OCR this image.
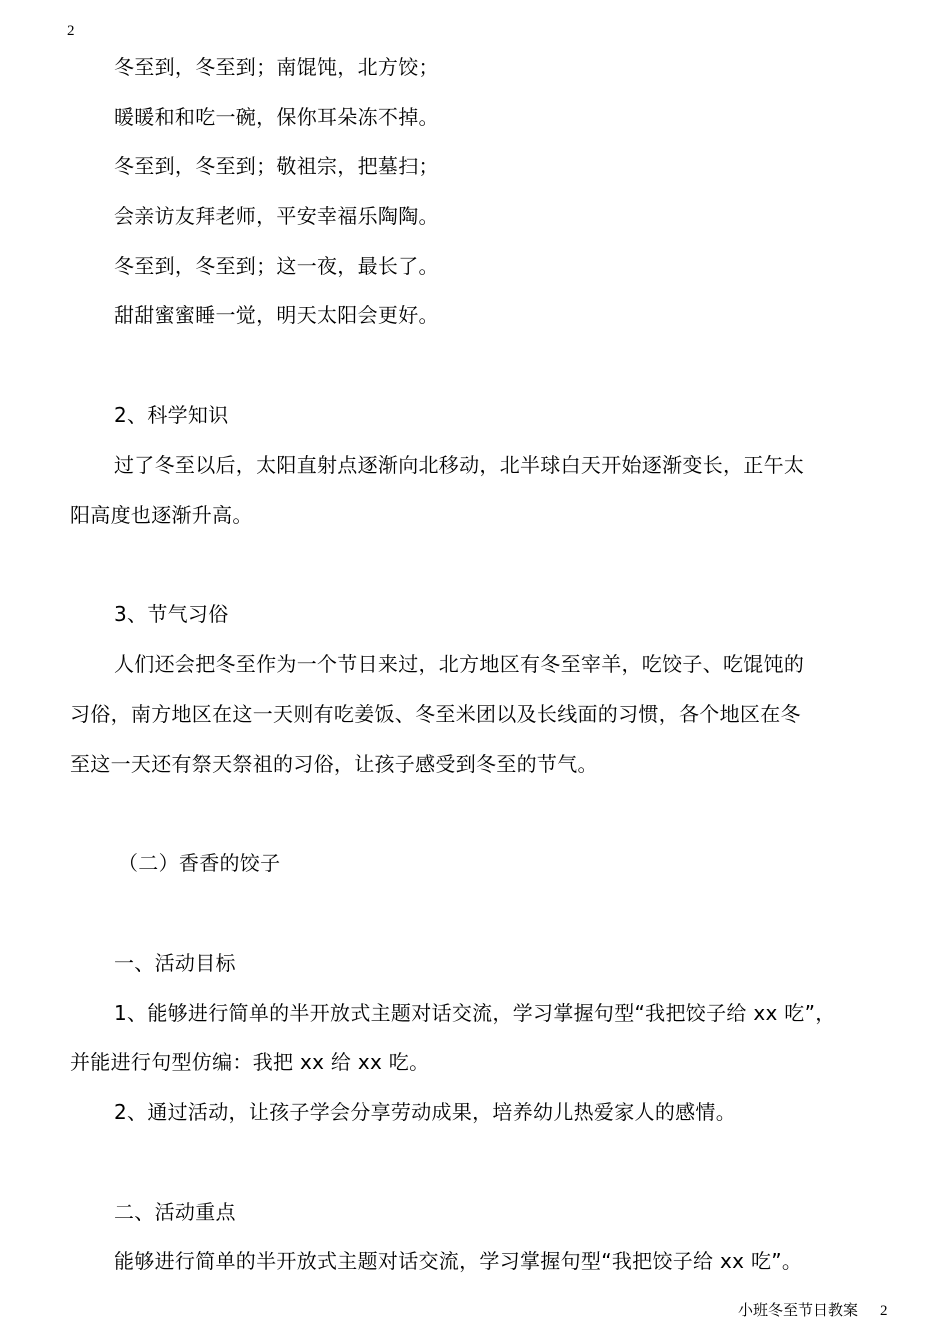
2
冬至到，冬至到；南馄饨，北方饺；
暖暖和和吃一碗，保你耳朵冻不掉。
冬至到，冬至到；敬祖宗，把墓扫；
会亲访友拜老师，平安幸福乐陶陶。
冬至到，冬至到；这一夜，最长了。
甜甜蜜蜜睡一觉，明天太阳会更好。
2、科学知识
过了冬至以后，太阳直射点逐渐向北移动，北半球白天开始逐渐变长，正午太
阳高度也逐渐升高。
3、节气习俗
人们还会把冬至作为一个节日来过，北方地区有冬至宰羊，吃饺子、吃馄饨的
习俗，南方地区在这一天则有吃姜饭、冬至米团以及长线面的习惯，各个地区在冬
至这一天还有祭天祭祖的习俗，让孩子感受到冬至的节气。
（二）香香的饺子
一、活动目标
1、能够进行简单的半开放式主题对话交流，学习掌握句型“我把饺子给 xx 吃”，
并能进行句型仿编：我把 xx 给 xx 吃。
2、通过活动，让孩子学会分享劳动成果，培养幼儿热爱家人的感情。
二、活动重点
能够进行简单的半开放式主题对话交流，学习掌握句型“我把饺子给 xx 吃”。
小班冬至节日教案 2
